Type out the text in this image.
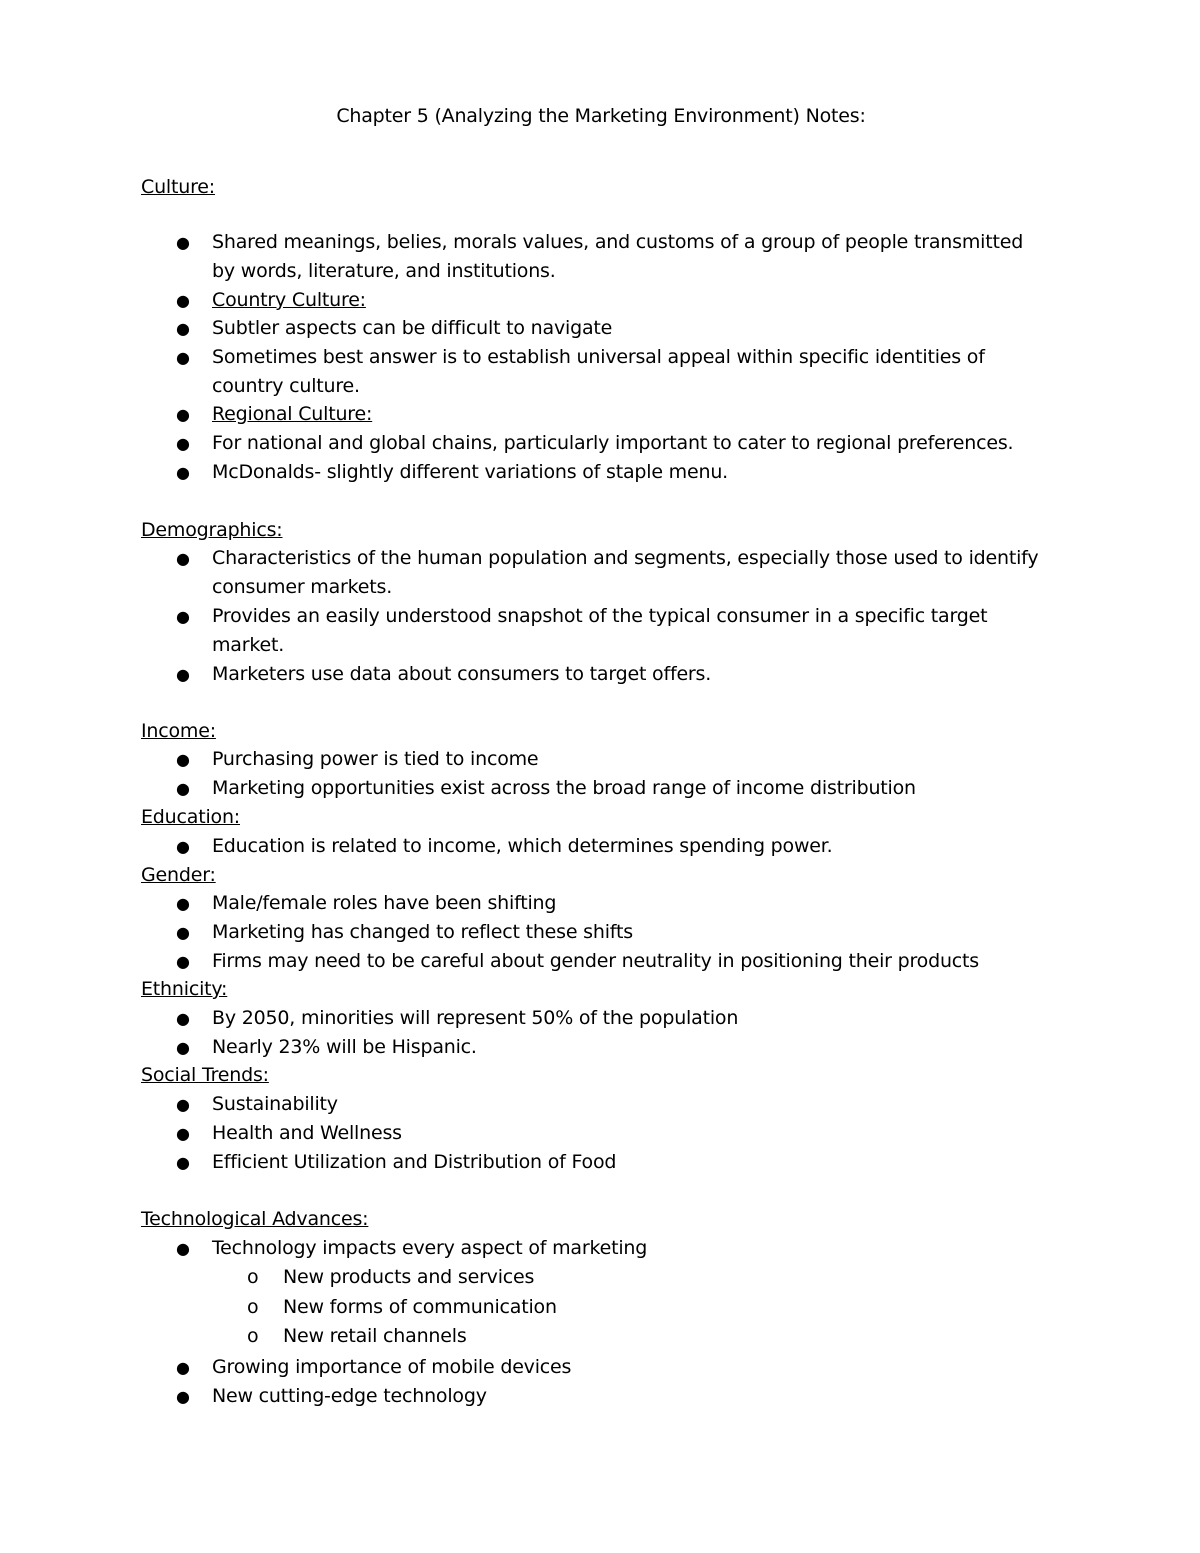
Chapter 5 (Analyzing the Marketing Environment) Notes:
Culture:
● Shared meanings, belies, morals values, and customs of a group of people transmitted
by words, literature, and institutions.
● Country Culture:
● Subtler aspects can be difficult to navigate
● Sometimes best answer is to establish universal appeal within specific identities of
country culture.
● Regional Culture:
● For national and global chains, particularly important to cater to regional preferences.
● McDonalds- slightly different variations of staple menu.
Demographics:
● Characteristics of the human population and segments, especially those used to identify
consumer markets.
● Provides an easily understood snapshot of the typical consumer in a specific target
market.
● Marketers use data about consumers to target offers.
Income:
● Purchasing power is tied to income
● Marketing opportunities exist across the broad range of income distribution
Education:
● Education is related to income, which determines spending power.
Gender:
● Male/female roles have been shifting
● Marketing has changed to reflect these shifts
● Firms may need to be careful about gender neutrality in positioning their products
Ethnicity:
● By 2050, minorities will represent 50% of the population
● Nearly 23% will be Hispanic.
Social Trends:
● Sustainability
● Health and Wellness
● Efficient Utilization and Distribution of Food
Technological Advances:
● Technology impacts every aspect of marketing
o New products and services
o New forms of communication
o New retail channels
● Growing importance of mobile devices
● New cutting-edge technology
